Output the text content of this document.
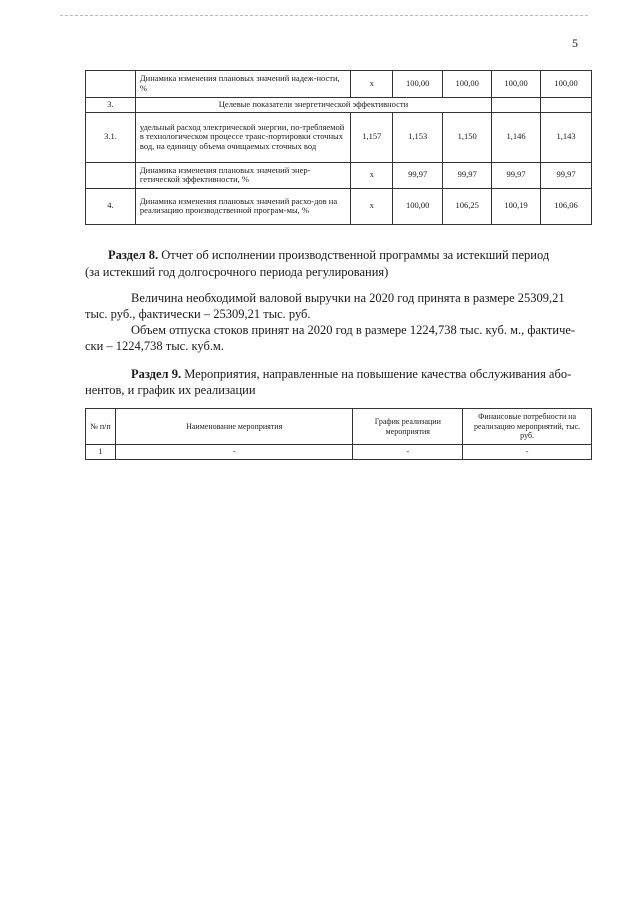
5
	Динамика изменения плановых значений надеж-ности, %	х	100,00	100,00	100,00	100,00
3.	Целевые показатели энергетической эффективности					
3.1.	удельный расход электрической энергии, по-требляемой в технологическом процессе транс-портировки сточных вод, на единицу объема очищаемых сточных вод	1,157	1,153	1,150	1,146	1,143
	Динамика изменения плановых значений энер-гетической эффективности, %	х	99,97	99,97	99,97	99,97
4.	Динамика изменения плановых значений расхо-дов на реализацию производственной програм-мы, %	х	100,00	106,25	100,19	106,06
Раздел 8. Отчет об исполнении производственной программы за истекший период
(за истекший год долгосрочного периода регулирования)
Величина необходимой валовой выручки на 2020 год принята в размере 25309,21
тыс. руб., фактически – 25309,21 тыс. руб.
Объем отпуска стоков принят на 2020 год в размере 1224,738 тыс. куб. м., фактиче-
ски – 1224,738 тыс. куб.м.
Раздел 9. Мероприятия, направленные на повышение качества обслуживания або-
нентов, и график их реализации
№ п/п	Наименование мероприятия	График реализации мероприятия	Финансовые потребности на реализацию мероприятий, тыс. руб.
1	-	-	-
